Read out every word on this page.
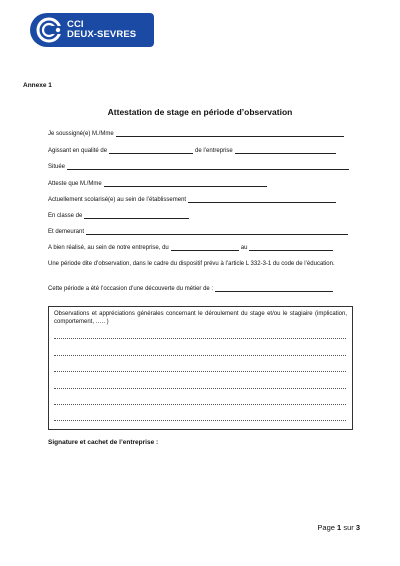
CCI
DEUX-SEVRES
Annexe 1
Attestation de stage en période d’observation
Je soussigné(e) M./Mme
Agissant en qualité de	de l’entreprise
Située
Atteste que M./Mme
Actuellement scolarisé(e) au sein de l’établissement
En classe de
Et demeurant
A bien réalisé, au sein de notre entreprise, du	au
Une période dite d’observation, dans le cadre du dispositif prévu à l’article L 332-3-1 du code de l’éducation.
Cette période a été l’occasion d’une découverte du métier de :
Observations et appréciations générales concernant le déroulement du stage et/ou le stagiaire (implication, comportement, ….. )
Signature et cachet de l’entreprise :
Page 1 sur 3
